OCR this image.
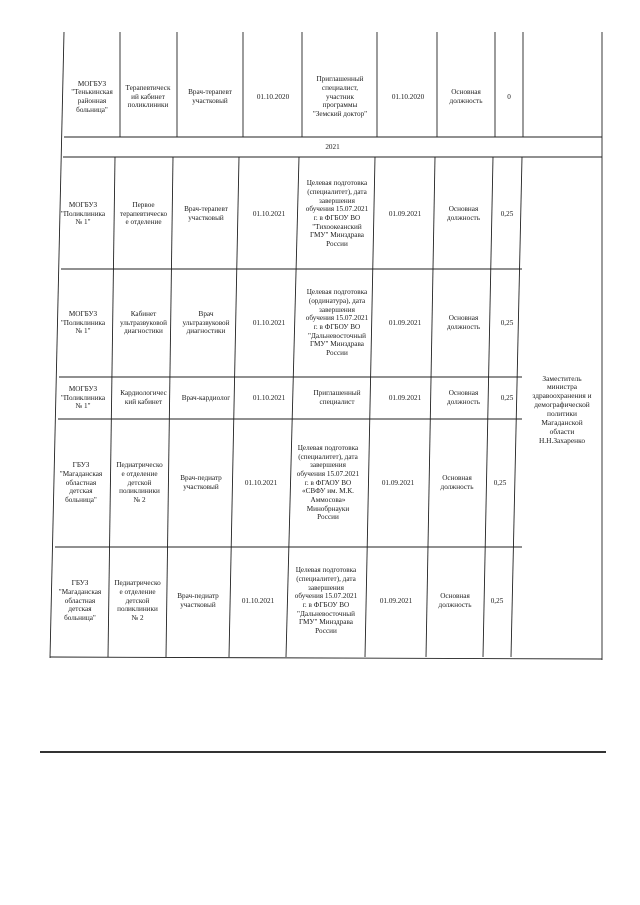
МОГБУЗ
"Тенькинская
районная
больница"
Терапевтическ
ий кабинет
поликлиники
Врач-терапевт
участковый
01.10.2020
Приглашенный
специалист,
участник
программы
"Земский доктор"
01.10.2020
Основная
должность
0
2021
МОГБУЗ
"Поликлиника
№ 1"
Первое
терапевтическо
е отделение
Врач-терапевт
участковый
01.10.2021
Целевая подготовка
(специалитет), дата
завершения
обучения 15.07.2021
г. в ФГБОУ ВО
"Тихоокеанский
ГМУ" Минздрава
России
01.09.2021
Основная
должность
0,25
МОГБУЗ
"Поликлиника
№ 1"
Кабинет
ультразвуковой
диагностики
Врач
ультразвуковой
диагностики
01.10.2021
Целевая подготовка
(ординатура), дата
завершения
обучения 15.07.2021
г. в ФГБОУ ВО
"Дальневосточный
ГМУ" Минздрава
России
01.09.2021
Основная
должность
0,25
МОГБУЗ
"Поликлиника
№ 1"
Кардиологичес
кий кабинет
Врач-кардиолог	01.10.2021
Приглашенный
специалист
01.09.2021
Основная
должность
0,25
ГБУЗ
"Магаданская
областная
детская
больница"
Педиатрическо
е отделение
детской
поликлиники
№ 2
Врач-педиатр
участковый
01.10.2021
Целевая подготовка
(специалитет), дата
завершения
обучения 15.07.2021
г. в ФГАОУ ВО
«СВФУ им. М.К.
Аммосова»
Минобрнауки
России
01.09.2021
Основная
должность
0,25
ГБУЗ
"Магаданская
областная
детская
больница"
Педиатрическо
е отделение
детской
поликлиники
№ 2
Врач-педиатр
участковый
01.10.2021
Целевая подготовка
(специалитет), дата
завершения
обучения 15.07.2021
г. в ФГБОУ ВО
"Дальневосточный
ГМУ" Минздрава
России
01.09.2021
Основная
должность
0,25
Заместитель
министра
здравоохранения и
демографической
политики
Магаданской
области
Н.Н.Захаренко
